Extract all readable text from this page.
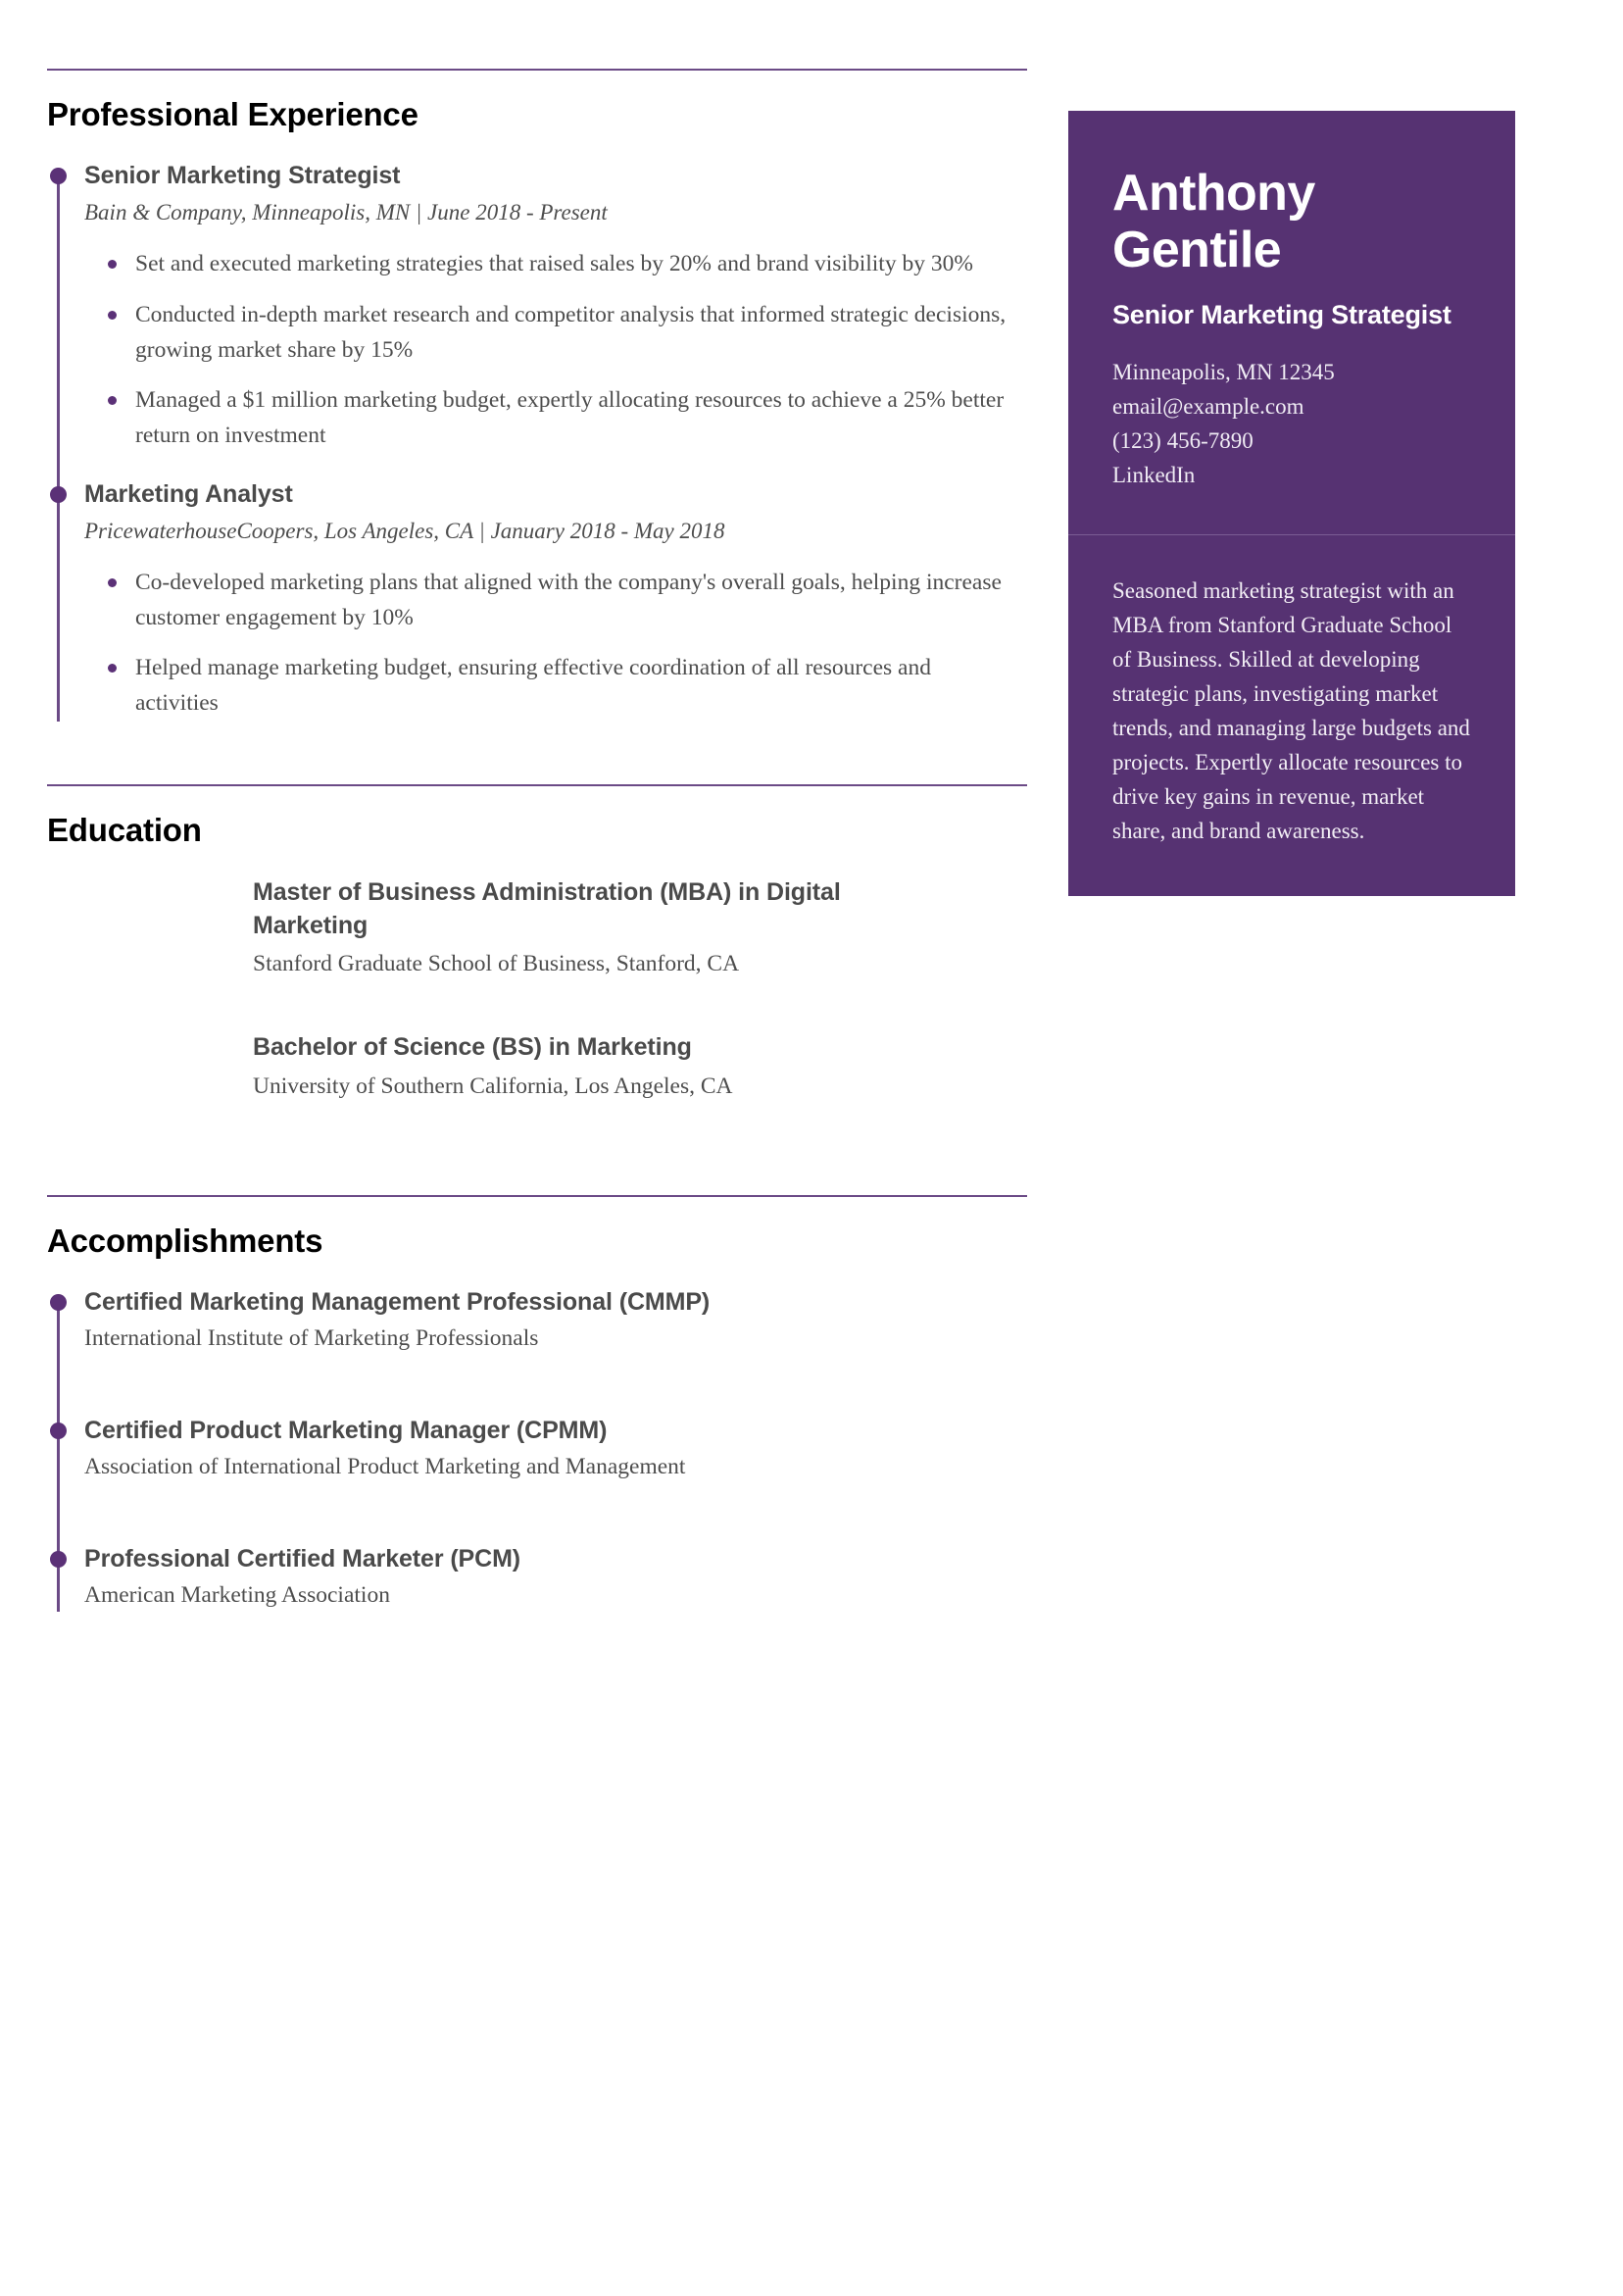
Professional Experience
Senior Marketing Strategist
Bain & Company, Minneapolis, MN | June 2018 - Present
Set and executed marketing strategies that raised sales by 20% and brand visibility by 30%
Conducted in-depth market research and competitor analysis that informed strategic decisions, growing market share by 15%
Managed a $1 million marketing budget, expertly allocating resources to achieve a 25% better return on investment
Marketing Analyst
PricewaterhouseCoopers, Los Angeles, CA | January 2018 - May 2018
Co-developed marketing plans that aligned with the company's overall goals, helping increase customer engagement by 10%
Helped manage marketing budget, ensuring effective coordination of all resources and activities
Education
Master of Business Administration (MBA) in Digital Marketing
Stanford Graduate School of Business, Stanford, CA
Bachelor of Science (BS) in Marketing
University of Southern California, Los Angeles, CA
Accomplishments
Certified Marketing Management Professional (CMMP)
International Institute of Marketing Professionals
Certified Product Marketing Manager (CPMM)
Association of International Product Marketing and Management
Professional Certified Marketer (PCM)
American Marketing Association
Anthony
Gentile
Senior Marketing Strategist
Minneapolis, MN 12345
email@example.com
(123) 456-7890
LinkedIn
Seasoned marketing strategist with an MBA from Stanford Graduate School of Business. Skilled at developing strategic plans, investigating market trends, and managing large budgets and projects. Expertly allocate resources to drive key gains in revenue, market share, and brand awareness.
